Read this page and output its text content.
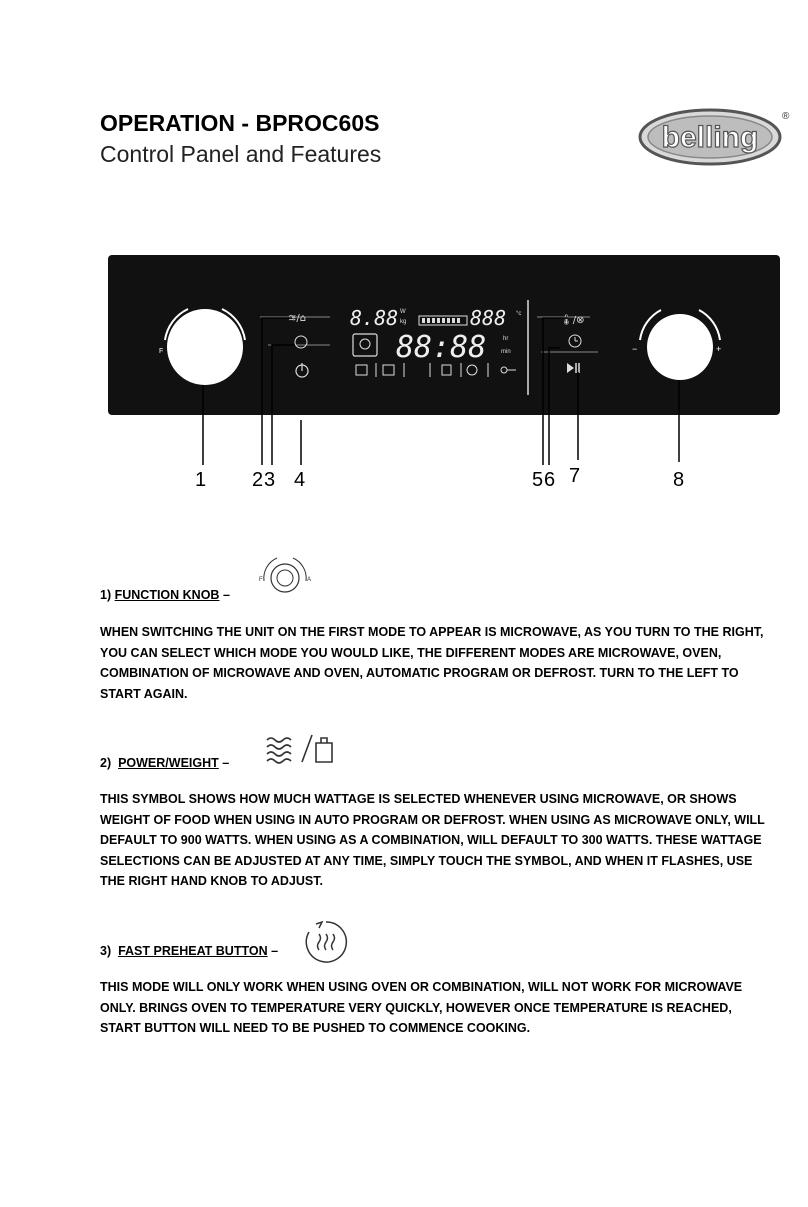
OPERATION - BPROC60S
Control Panel and Features	belling
®
F	A
≋/⌂ 8.88 W
kg	888 °c
88:88	hr
min
🌡/⊗
−	+
1 2 3 4	5 6 7	8
F	A
1) FUNCTION KNOB –
WHEN SWITCHING THE UNIT ON THE FIRST MODE TO APPEAR IS MICROWAVE, AS YOU TURN TO THE RIGHT, YOU CAN SELECT WHICH MODE YOU WOULD LIKE, THE DIFFERENT MODES ARE MICROWAVE, OVEN, COMBINATION OF MICROWAVE AND OVEN, AUTOMATIC PROGRAM OR DEFROST. TURN TO THE LEFT TO START AGAIN.
2) POWER/WEIGHT –
THIS SYMBOL SHOWS HOW MUCH WATTAGE IS SELECTED WHENEVER USING MICROWAVE, OR SHOWS WEIGHT OF FOOD WHEN USING IN AUTO PROGRAM OR DEFROST. WHEN USING AS MICROWAVE ONLY, WILL DEFAULT TO 900 WATTS. WHEN USING AS A COMBINATION, WILL DEFAULT TO 300 WATTS. THESE WATTAGE SELECTIONS CAN BE ADJUSTED AT ANY TIME, SIMPLY TOUCH THE SYMBOL, AND WHEN IT FLASHES, USE THE RIGHT HAND KNOB TO ADJUST.
3) FAST PREHEAT BUTTON –
THIS MODE WILL ONLY WORK WHEN USING OVEN OR COMBINATION, WILL NOT WORK FOR MICROWAVE ONLY. BRINGS OVEN TO TEMPERATURE VERY QUICKLY, HOWEVER ONCE TEMPERATURE IS REACHED, START BUTTON WILL NEED TO BE PUSHED TO COMMENCE COOKING.
